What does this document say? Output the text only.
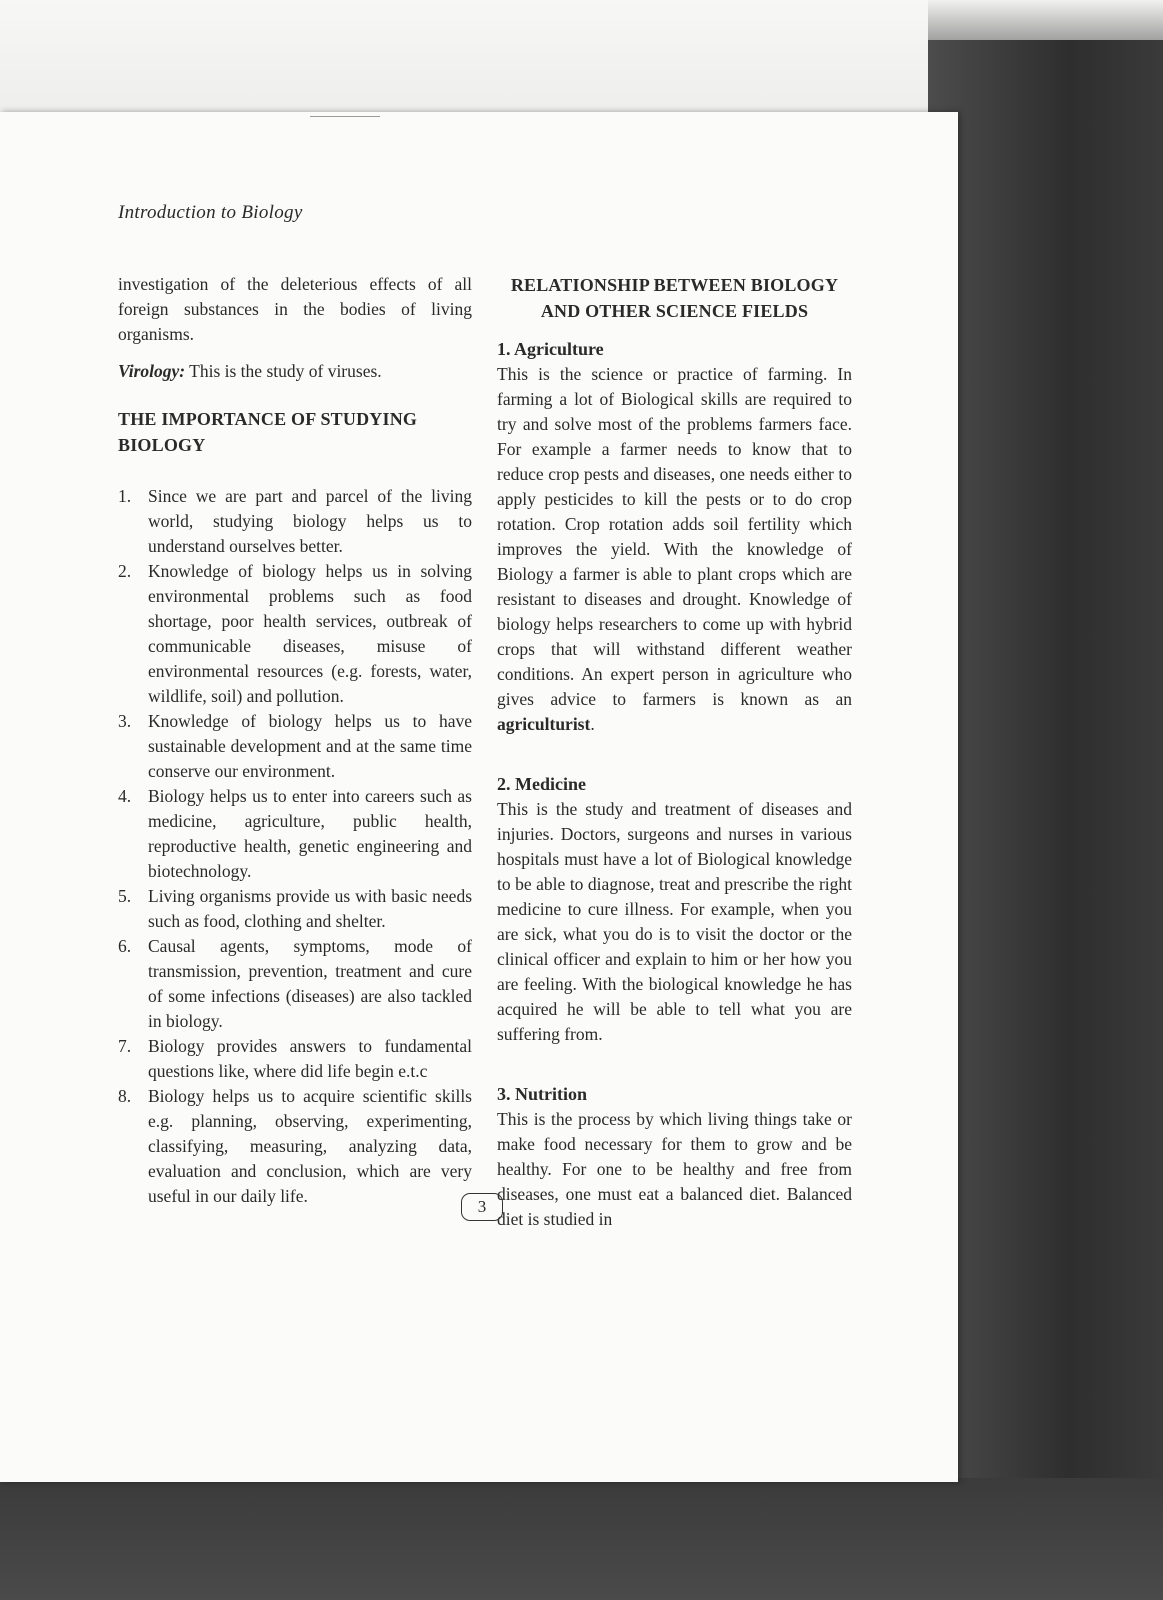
Introduction to Biology

investigation of the deleterious effects of all foreign substances in the bodies of living organisms.

Virology: This is the study of viruses.

THE IMPORTANCE OF STUDYING BIOLOGY
1. Since we are part and parcel of the living world, studying biology helps us to understand ourselves better.
2. Knowledge of biology helps us in solving environmental problems such as food shortage, poor health services, outbreak of communicable diseases, misuse of environmental resources (e.g. forests, water, wildlife, soil) and pollution.
3. Knowledge of biology helps us to have sustainable development and at the same time conserve our environment.
4. Biology helps us to enter into careers such as medicine, agriculture, public health, reproductive health, genetic engineering and biotechnology.
5. Living organisms provide us with basic needs such as food, clothing and shelter.
6. Causal agents, symptoms, mode of transmission, prevention, treatment and cure of some infections (diseases) are also tackled in biology.
7. Biology provides answers to fundamental questions like, where did life begin e.t.c
8. Biology helps us to acquire scientific skills e.g. planning, observing, experimenting, classifying, measuring, analyzing data, evaluation and conclusion, which are very useful in our daily life.
RELATIONSHIP BETWEEN BIOLOGY
AND OTHER SCIENCE FIELDS
1. Agriculture

This is the science or practice of farming. In farming a lot of Biological skills are required to try and solve most of the problems farmers face. For example a farmer needs to know that to reduce crop pests and diseases, one needs either to apply pesticides to kill the pests or to do crop rotation. Crop rotation adds soil fertility which improves the yield. With the knowledge of Biology a farmer is able to plant crops which are resistant to diseases and drought. Knowledge of biology helps researchers to come up with hybrid crops that will withstand different weather conditions. An expert person in agriculture who gives advice to farmers is known as an agriculturist.

2. Medicine

This is the study and treatment of diseases and injuries. Doctors, surgeons and nurses in various hospitals must have a lot of Biological knowledge to be able to diagnose, treat and prescribe the right medicine to cure illness. For example, when you are sick, what you do is to visit the doctor or the clinical officer and explain to him or her how you are feeling. With the biological knowledge he has acquired he will be able to tell what you are suffering from.

3. Nutrition

This is the process by which living things take or make food necessary for them to grow and be healthy. For one to be healthy and free from diseases, one must eat a balanced diet. Balanced diet is studied in

3
